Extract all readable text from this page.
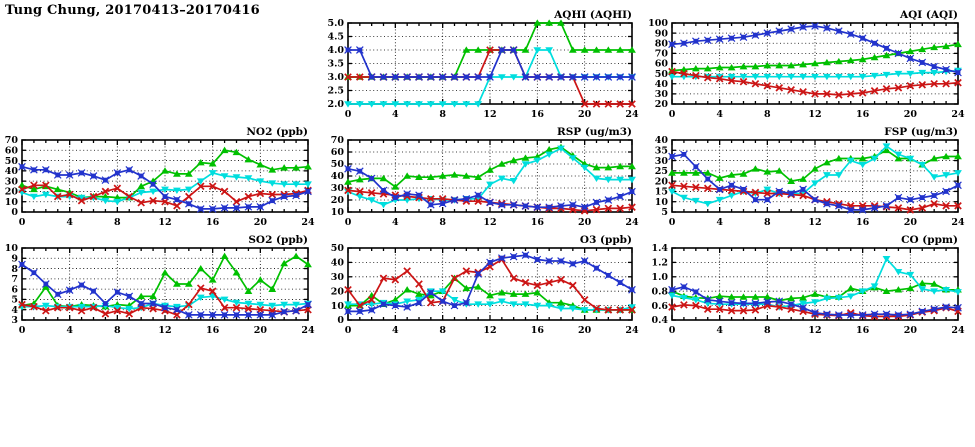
Tung Chung, 20170413–20170416
2.0
2.5
3.0
3.5
4.0
4.5
5.0
0	4	8	12	16	20	24
AQHI (AQHI)
20
30
40
50
60
70
80
90
100
0	4	8	12	16	20	24
AQI (AQI)
0
10
20
30
40
50
60
70
0	4	8	12	16	20	24
NO2 (ppb)
10
20
30
40
50
60
70
0	4	8	12	16	20	24
RSP (ug/m3)
5
10
15
20
25
30
35
40
0	4	8	12	16	20	24
FSP (ug/m3)
3
4
5
6
7
8
9
10
0	4	8	12	16	20	24
SO2 (ppb)
0
10
20
30
40
50
0	4	8	12	16	20	24
O3 (ppb)
0.4
0.6
0.8
1.0
1.2
1.4
0	4	8	12	16	20	24
CO (ppm)
